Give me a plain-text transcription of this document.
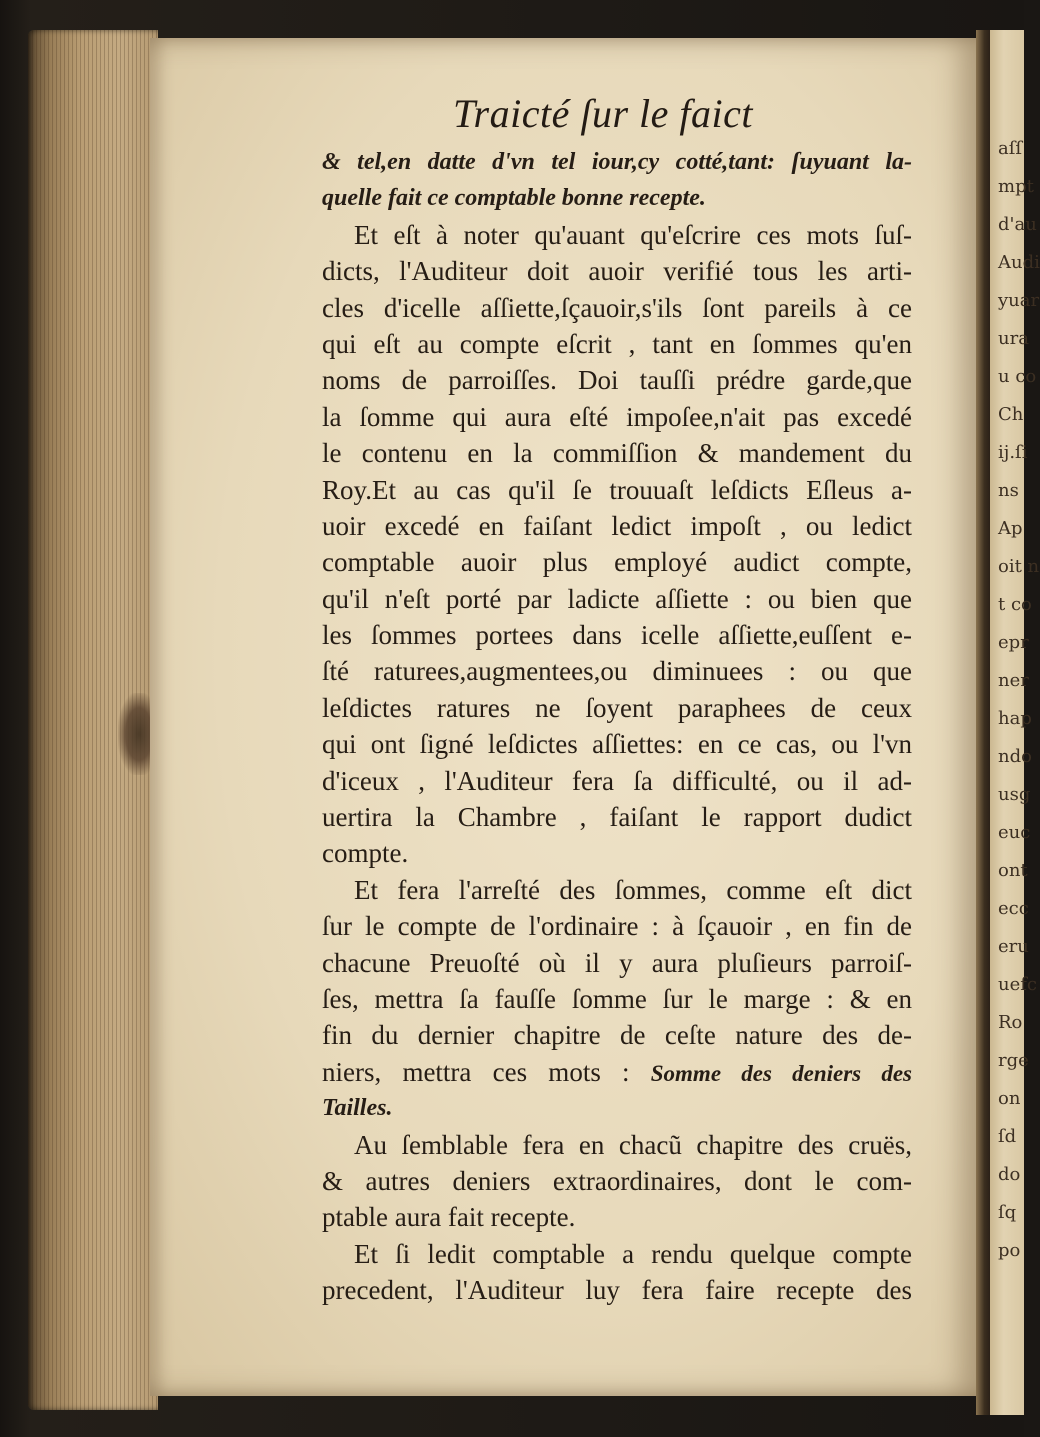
Traicté ſur le faict
& tel,en datte d'vn tel iour,cy cotté,tant: ſuyuant la-
quelle fait ce comptable bonne recepte.
Et eſt à noter qu'auant qu'eſcrire ces mots ſuſ-
dicts, l'Auditeur doit auoir verifié tous les arti-
cles d'icelle aſſiette,ſçauoir,s'ils ſont pareils à ce
qui eſt au compte eſcrit , tant en ſommes qu'en
noms de parroiſſes. Doi tauſſi prédre garde,que
la ſomme qui aura eſté impoſee,n'ait pas excedé
le contenu en la commiſſion & mandement du
Roy.Et au cas qu'il ſe trouuaſt leſdicts Eſleus a-
uoir excedé en faiſant ledict impoſt , ou ledict
comptable auoir plus employé audict compte,
qu'il n'eſt porté par ladicte aſſiette : ou bien que
les ſommes portees dans icelle aſſiette,euſſent e-
ſté raturees,augmentees,ou diminuees : ou que
leſdictes ratures ne ſoyent paraphees de ceux
qui ont ſigné leſdictes aſſiettes: en ce cas, ou l'vn
d'iceux , l'Auditeur fera ſa difficulté, ou il ad-
uertira la Chambre , faiſant le rapport dudict
compte.
Et fera l'arreſté des ſommes, comme eſt dict
ſur le compte de l'ordinaire : à ſçauoir , en fin de
chacune Preuoſté où il y aura pluſieurs parroiſ-
ſes, mettra ſa fauſſe ſomme ſur le marge : & en
fin du dernier chapitre de ceſte nature des de-
niers, mettra ces mots : Somme des deniers des
Tailles.
Au ſemblable fera en chacũ chapitre des cruës,
& autres deniers extraordinaires, dont le com-
ptable aura fait recepte.
Et ſi ledit comptable a rendu quelque compte
precedent, l'Auditeur luy fera faire recepte des
aſſ
mpt
d'au
Audi
yuar
ura
u co
Ch
ij.ſi
ns
Ap
oit n
t co
epr
ner
hap
ndo
usg
euc
ont
ecc
eru
uefc
Ro
rge
on
ſd
do
ſq
po
